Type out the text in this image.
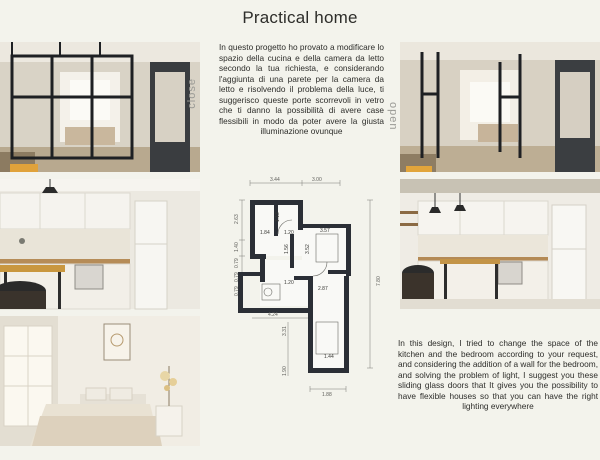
Practical home
close
open
In questo progetto ho provato a modificare lo spazio della cucina e della camera da letto secondo la tua richiesta, e considerando l'aggiunta di una parete per la camera da letto e risolvendo il problema della luce, ti suggerisco queste porte scorrevoli in vetro che ti danno la possibilità di avere case flessibili in modo da poter avere la giusta illuminazione ovunque
3.44	3.00
2.63
1.40
0.79
0.79
0.79
7.80
1.84	1.20
1.13
1.56
3.57
3.52
1.20
2.87
4.24
3.31
1.90
1.44
1.88
In this design, I tried to change the space of the kitchen and the bedroom according to your request, and considering the addition of a wall for the bedroom, and solving the problem of light, I suggest you these sliding glass doors that It gives you the possibility to have flexible houses so that you can have the right lighting everywhere
